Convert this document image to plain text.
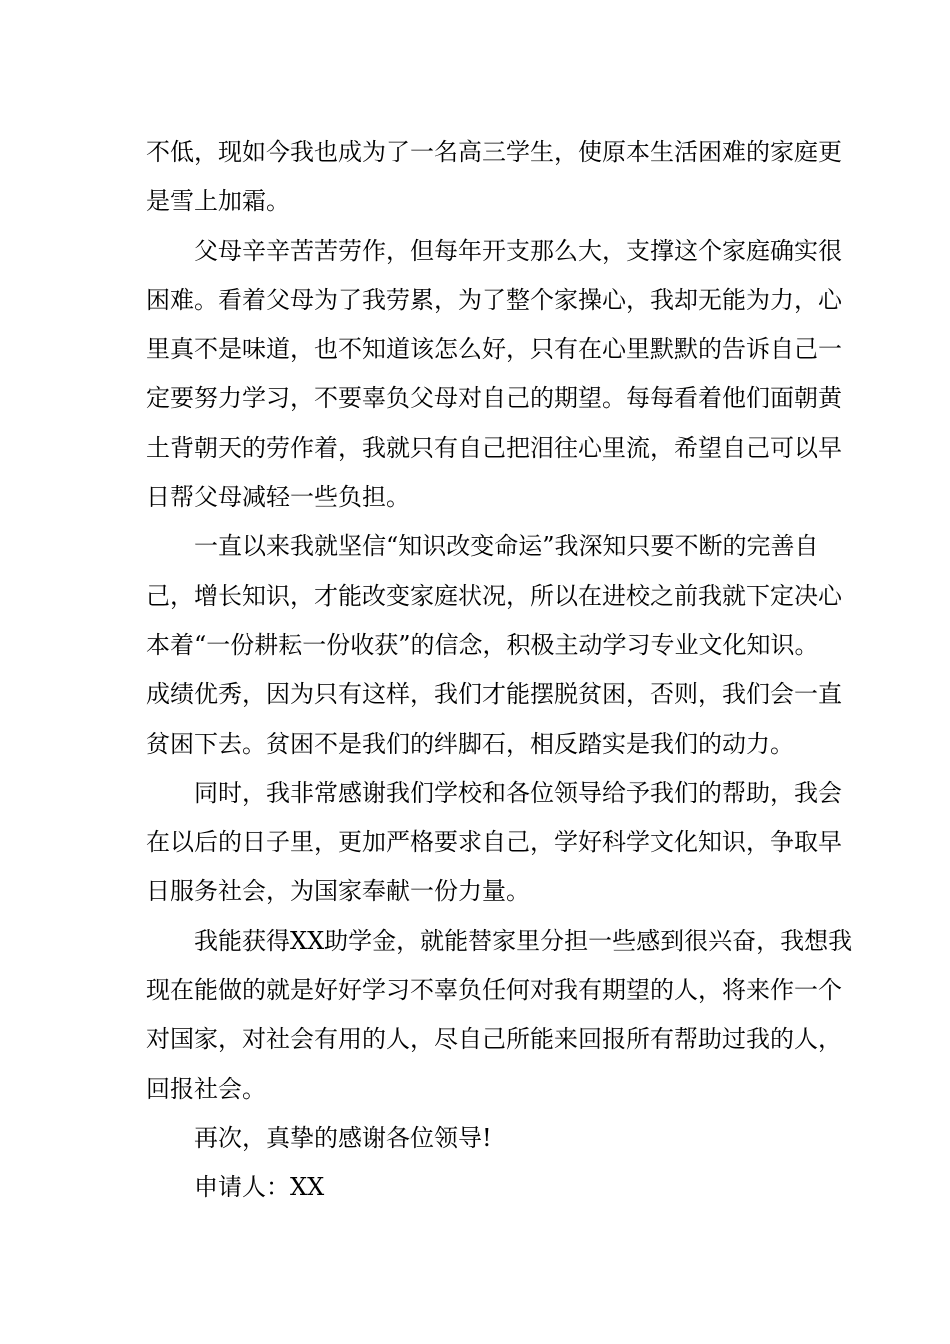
不低，现如今我也成为了一名高三学生，使原本生活困难的家庭更
是雪上加霜。
父母辛辛苦苦劳作，但每年开支那么大，支撑这个家庭确实很
困难。看着父母为了我劳累，为了整个家操心，我却无能为力，心
里真不是味道，也不知道该怎么好，只有在心里默默的告诉自己一
定要努力学习，不要辜负父母对自己的期望。每每看着他们面朝黄
土背朝天的劳作着，我就只有自己把泪往心里流，希望自己可以早
日帮父母减轻一些负担。
一直以来我就坚信“知识改变命运”我深知只要不断的完善自
己，增长知识，才能改变家庭状况，所以在进校之前我就下定决心
本着“一份耕耘一份收获”的信念，积极主动学习专业文化知识。
成绩优秀，因为只有这样，我们才能摆脱贫困，否则，我们会一直
贫困下去。贫困不是我们的绊脚石，相反踏实是我们的动力。
同时，我非常感谢我们学校和各位领导给予我们的帮助，我会
在以后的日子里，更加严格要求自己，学好科学文化知识，争取早
日服务社会，为国家奉献一份力量。
我能获得XX助学金，就能替家里分担一些感到很兴奋，我想我
现在能做的就是好好学习不辜负任何对我有期望的人，将来作一个
对国家，对社会有用的人，尽自己所能来回报所有帮助过我的人，
回报社会。
再次，真挚的感谢各位领导!
申请人：XX
